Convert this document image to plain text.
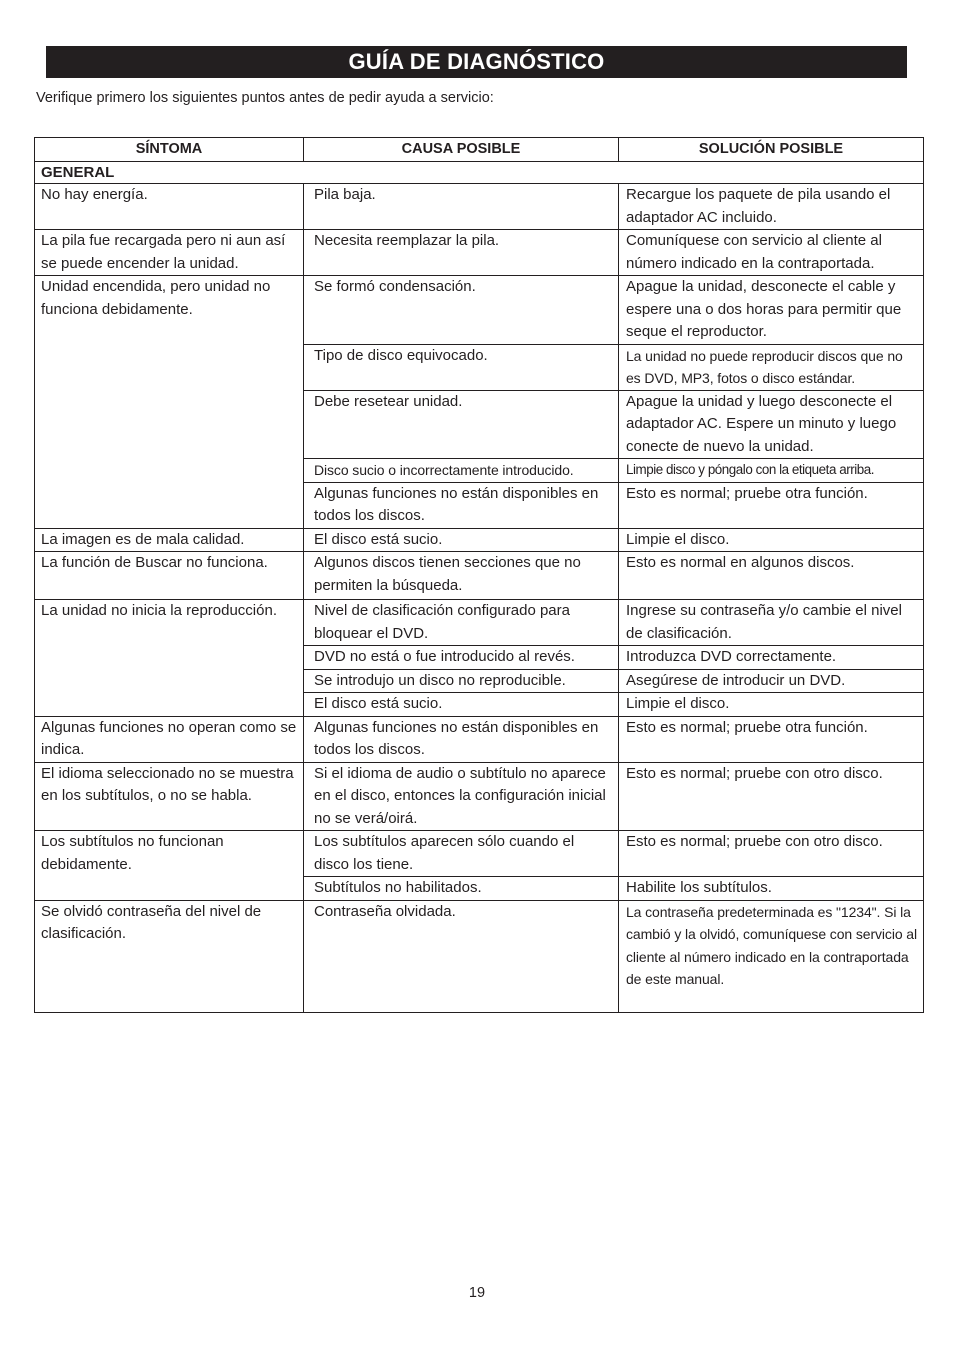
GUÍA DE DIAGNÓSTICO
Verifique primero los siguientes puntos antes de pedir ayuda a servicio:
SÍNTOMA	CAUSA POSIBLE	SOLUCIÓN POSIBLE
GENERAL		
No hay energía.	Pila baja.	Recargue los paquete de pila usando el adaptador AC incluido.
La pila fue recargada pero ni aun así se puede encender la unidad.	Necesita reemplazar la pila.	Comuníquese con servicio al cliente al número indicado en la contraportada.
Unidad encendida, pero unidad no funciona debidamente.	Se formó condensación.	Apague la unidad, desconecte el cable y espere una o dos horas para permitir que seque el reproductor.
	Tipo de disco equivocado.	La unidad no puede reproducir discos que no es DVD, MP3, fotos o disco estándar.
	Debe resetear unidad.	Apague la unidad y luego desconecte el adaptador AC. Espere un minuto y luego conecte de nuevo la unidad.
	Disco sucio o incorrectamente introducido.	Limpie disco y póngalo con la etiqueta arriba.
	Algunas funciones no están disponibles en todos los discos.	Esto es normal; pruebe otra función.
La imagen es de mala calidad.	El disco está sucio.	Limpie el disco.
La función de Buscar no funciona.	Algunos discos tienen secciones que no permiten la búsqueda.	Esto es normal en algunos discos.
La unidad no inicia la reproducción.	Nivel de clasificación configurado para bloquear el DVD.	Ingrese su contraseña y/o cambie el nivel de clasificación.
	DVD no está o fue introducido al revés.	Introduzca DVD correctamente.
	Se introdujo un disco no reproducible.	Asegúrese de introducir un DVD.
	El disco está sucio.	Limpie el disco.
Algunas funciones no operan como se indica.	Algunas funciones no están disponibles en todos los discos.	Esto es normal; pruebe otra función.
El idioma seleccionado no se muestra en los subtítulos, o no se habla.	Si el idioma de audio o subtítulo no aparece en el disco, entonces la configuración inicial no se verá/oirá.	Esto es normal; pruebe con otro disco.
Los subtítulos no funcionan debidamente.	Los subtítulos aparecen sólo cuando el disco los tiene.	Esto es normal; pruebe con otro disco.
	Subtítulos no habilitados.	Habilite los subtítulos.
Se olvidó contraseña del nivel de clasificación.	Contraseña olvidada.	La contraseña predeterminada es "1234". Si la cambió y la olvidó, comuníquese con servicio al cliente al número indicado en la contraportada de este manual.
19
